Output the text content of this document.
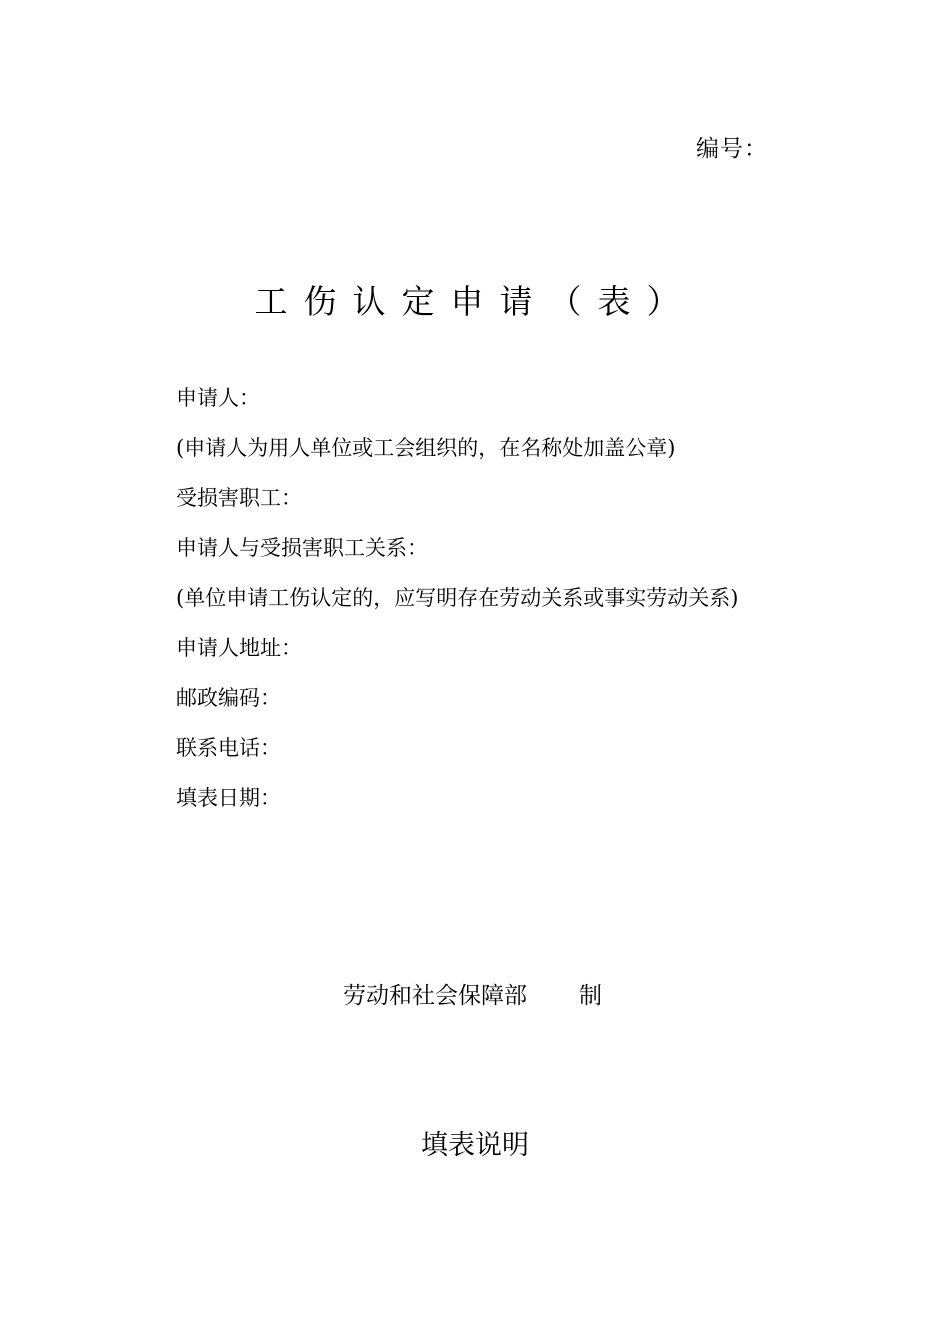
编号：
工伤认定申请（表）
申请人：
(申请人为用人单位或工会组织的，在名称处加盖公章)
受损害职工：
申请人与受损害职工关系：
(单位申请工伤认定的，应写明存在劳动关系或事实劳动关系)
申请人地址：
邮政编码：
联系电话：
填表日期：
劳动和社会保障部 制
填表说明
